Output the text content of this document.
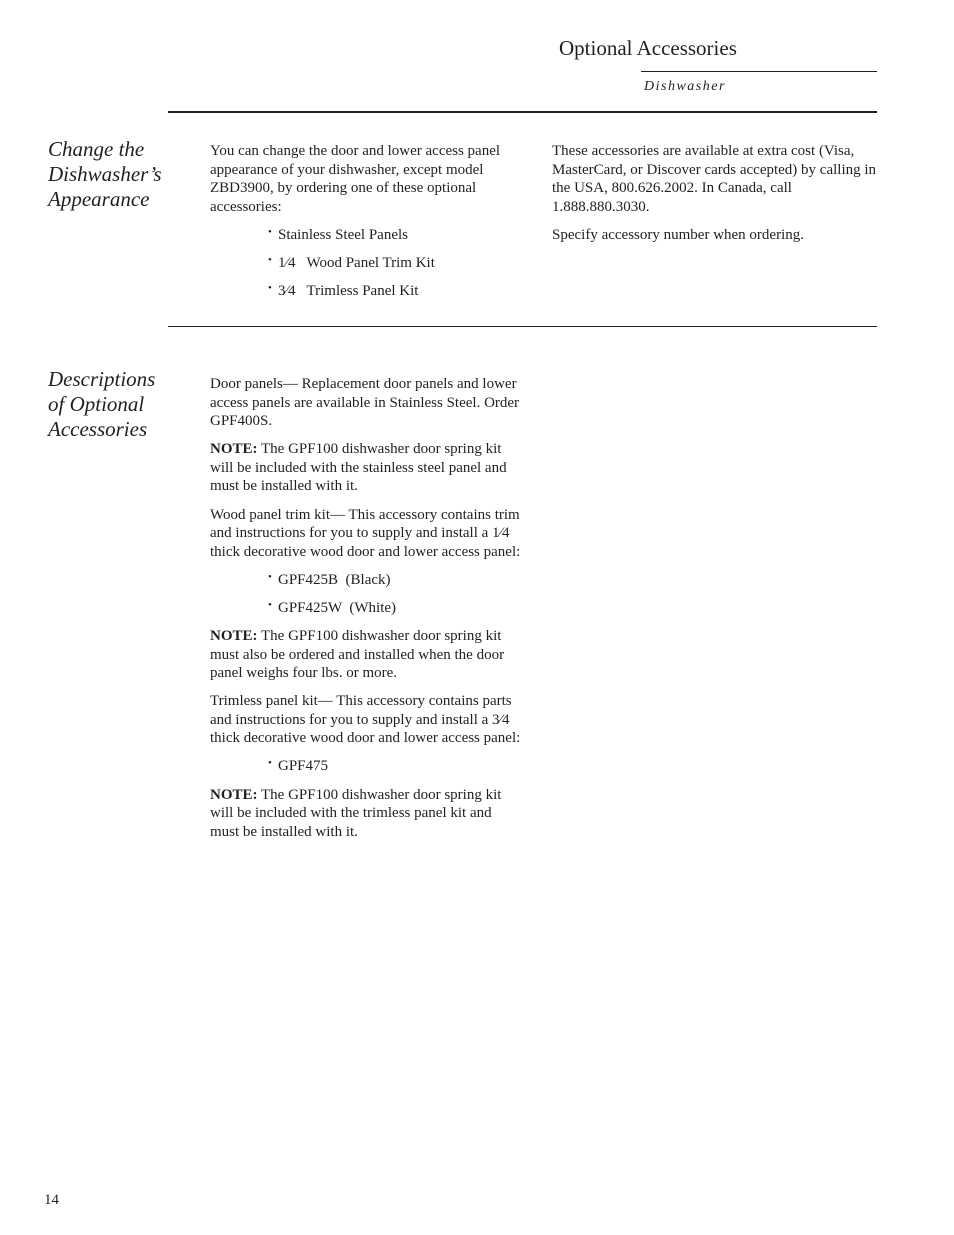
Optional Accessories
Dishwasher
Change the
Dishwasher’s
Appearance

You can change the door and lower access panel appearance of your dishwasher, except model ZBD3900, by ordering one of these optional accessories:

• Stainless Steel Panels
• 1⁄4   Wood Panel Trim Kit
• 3⁄4   Trimless Panel Kit

These accessories are available at extra cost (Visa, MasterCard, or Discover cards accepted) by calling in the USA, 800.626.2002. In Canada, call 1.888.880.3030.

Specify accessory number when ordering.

Descriptions
of Optional
Accessories

Door panels— Replacement door panels and lower access panels are available in Stainless Steel. Order GPF400S.

NOTE: The GPF100 dishwasher door spring kit will be included with the stainless steel panel and must be installed with it.

Wood panel trim kit— This accessory contains trim and instructions for you to supply and install a 1⁄4 thick decorative wood door and lower access panel:

• GPF425B  (Black)
• GPF425W  (White)

NOTE: The GPF100 dishwasher door spring kit must also be ordered and installed when the door panel weighs four lbs. or more.

Trimless panel kit— This accessory contains parts and instructions for you to supply and install a 3⁄4 thick decorative wood door and lower access panel:

• GPF475

NOTE: The GPF100 dishwasher door spring kit will be included with the trimless panel kit and must be installed with it.

14
